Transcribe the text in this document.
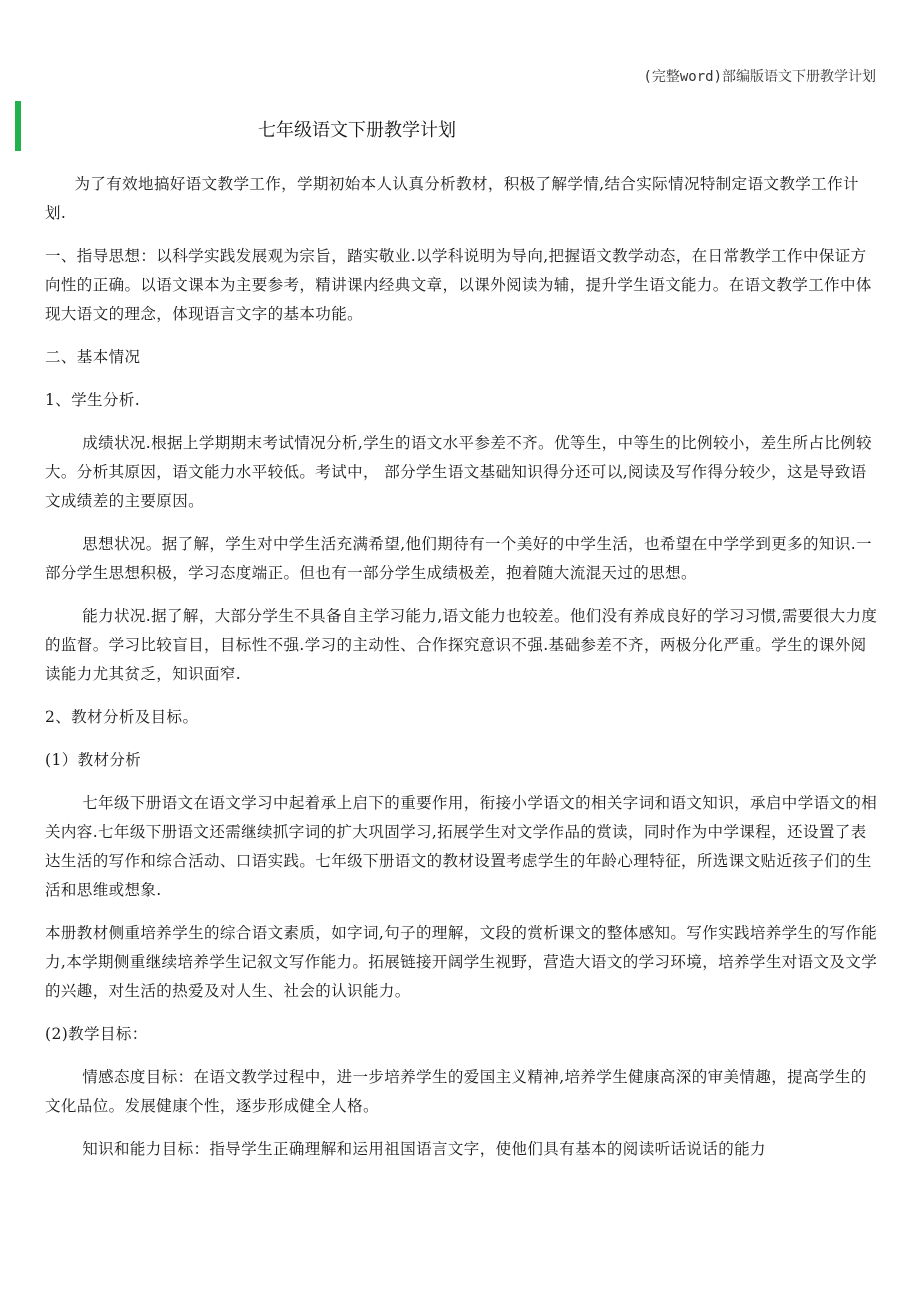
(完整word)部编版语文下册教学计划
七年级语文下册教学计划

为了有效地搞好语文教学工作，学期初始本人认真分析教材，积极了解学情,结合实际情况特制定语文教学工作计划.

一、指导思想：以科学实践发展观为宗旨，踏实敬业.以学科说明为导向,把握语文教学动态，在日常教学工作中保证方向性的正确。以语文课本为主要参考，精讲课内经典文章，以课外阅读为辅，提升学生语文能力。在语文教学工作中体现大语文的理念，体现语言文字的基本功能。

二、基本情况

1、学生分析.

成绩状况.根据上学期期末考试情况分析,学生的语文水平参差不齐。优等生，中等生的比例较小，差生所占比例较大。分析其原因，语文能力水平较低。考试中， 部分学生语文基础知识得分还可以,阅读及写作得分较少，这是导致语文成绩差的主要原因。

思想状况。据了解，学生对中学生活充满希望,他们期待有一个美好的中学生活，也希望在中学学到更多的知识.一部分学生思想积极，学习态度端正。但也有一部分学生成绩极差，抱着随大流混天过的思想。

能力状况.据了解，大部分学生不具备自主学习能力,语文能力也较差。他们没有养成良好的学习习惯,需要很大力度的监督。学习比较盲目，目标性不强.学习的主动性、合作探究意识不强.基础参差不齐，两极分化严重。学生的课外阅读能力尤其贫乏，知识面窄.

2、教材分析及目标。

(1）教材分析

七年级下册语文在语文学习中起着承上启下的重要作用，衔接小学语文的相关字词和语文知识，承启中学语文的相关内容.七年级下册语文还需继续抓字词的扩大巩固学习,拓展学生对文学作品的赏读，同时作为中学课程，还设置了表达生活的写作和综合活动、口语实践。七年级下册语文的教材设置考虑学生的年龄心理特征，所选课文贴近孩子们的生活和思维或想象.

本册教材侧重培养学生的综合语文素质，如字词,句子的理解，文段的赏析课文的整体感知。写作实践培养学生的写作能力,本学期侧重继续培养学生记叙文写作能力。拓展链接开阔学生视野，营造大语文的学习环境，培养学生对语文及文学的兴趣，对生活的热爱及对人生、社会的认识能力。

(2)教学目标：

情感态度目标：在语文教学过程中，进一步培养学生的爱国主义精神,培养学生健康高深的审美情趣，提高学生的文化品位。发展健康个性，逐步形成健全人格。

知识和能力目标：指导学生正确理解和运用祖国语言文字，使他们具有基本的阅读听话说话的能力
